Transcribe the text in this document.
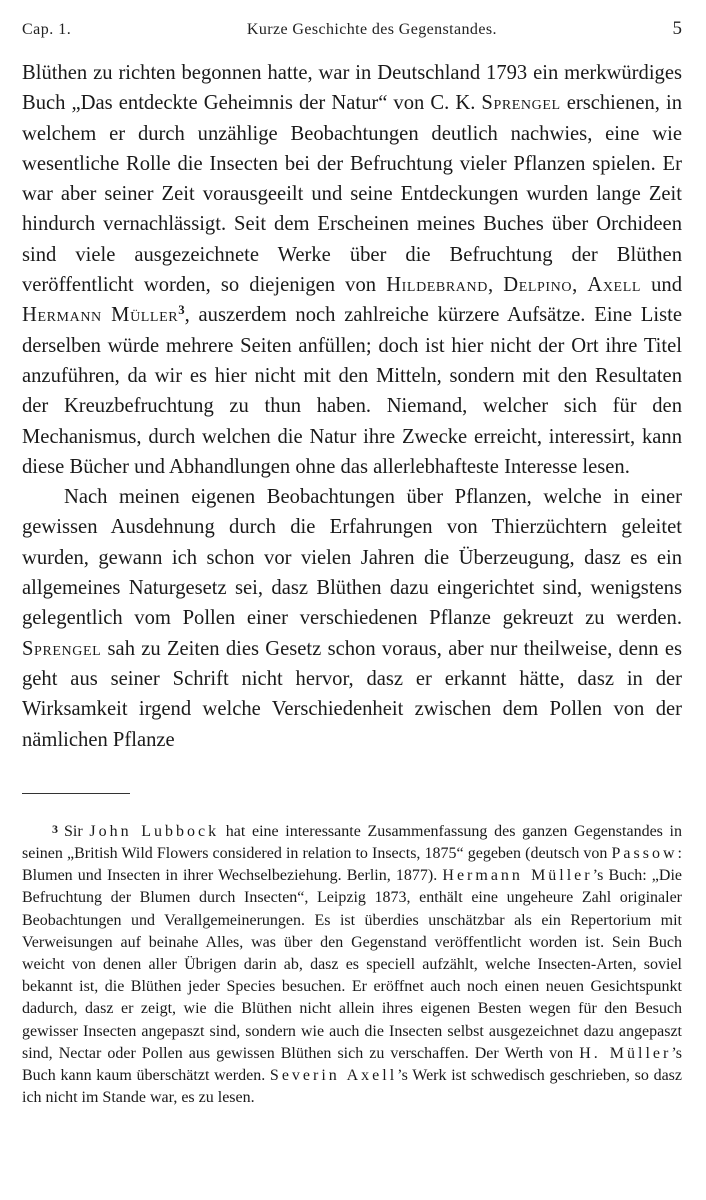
Cap. 1.	Kurze Geschichte des Gegenstandes.	5

Blüthen zu richten begonnen hatte, war in Deutschland 1793 ein merkwürdiges Buch „Das entdeckte Geheimnis der Natur“ von C. K. Sprengel erschienen, in welchem er durch unzählige Beobachtungen deutlich nachwies, eine wie wesentliche Rolle die Insecten bei der Befruchtung vieler Pflanzen spielen. Er war aber seiner Zeit vorausgeeilt und seine Entdeckungen wurden lange Zeit hindurch vernachlässigt. Seit dem Erscheinen meines Buches über Orchideen sind viele ausgezeichnete Werke über die Befruchtung der Blüthen veröffentlicht worden, so diejenigen von Hildebrand, Delpino, Axell und Hermann Müller$^3$, auszerdem noch zahlreiche kürzere Aufsätze. Eine Liste derselben würde mehrere Seiten anfüllen; doch ist hier nicht der Ort ihre Titel anzuführen, da wir es hier nicht mit den Mitteln, sondern mit den Resultaten der Kreuzbefruchtung zu thun haben. Niemand, welcher sich für den Mechanismus, durch welchen die Natur ihre Zwecke erreicht, interessirt, kann diese Bücher und Abhandlungen ohne das allerlebhafteste Interesse lesen.

Nach meinen eigenen Beobachtungen über Pflanzen, welche in einer gewissen Ausdehnung durch die Erfahrungen von Thierzüchtern geleitet wurden, gewann ich schon vor vielen Jahren die Überzeugung, dasz es ein allgemeines Naturgesetz sei, dasz Blüthen dazu eingerichtet sind, wenigstens gelegentlich vom Pollen einer verschiedenen Pflanze gekreuzt zu werden. Sprengel sah zu Zeiten dies Gesetz schon voraus, aber nur theilweise, denn es geht aus seiner Schrift nicht hervor, dasz er erkannt hätte, dasz in der Wirksamkeit irgend welche Verschiedenheit zwischen dem Pollen von der nämlichen Pflanze

3 Sir John Lubbock hat eine interessante Zusammenfassung des ganzen Gegenstandes in seinen „British Wild Flowers considered in relation to Insects, 1875“ gegeben (deutsch von Passow: Blumen und Insecten in ihrer Wechselbeziehung. Berlin, 1877). Hermann Müller’s Buch: „Die Befruchtung der Blumen durch Insecten“, Leipzig 1873, enthält eine ungeheure Zahl originaler Beobachtungen und Verallgemeinerungen. Es ist überdies unschätzbar als ein Repertorium mit Verweisungen auf beinahe Alles, was über den Gegenstand veröffentlicht worden ist. Sein Buch weicht von denen aller Übrigen darin ab, dasz es speciell aufzählt, welche Insecten-Arten, soviel bekannt ist, die Blüthen jeder Species besuchen. Er eröffnet auch noch einen neuen Gesichtspunkt dadurch, dasz er zeigt, wie die Blüthen nicht allein ihres eigenen Besten wegen für den Besuch gewisser Insecten angepaszt sind, sondern wie auch die Insecten selbst ausgezeichnet dazu angepaszt sind, Nectar oder Pollen aus gewissen Blüthen sich zu verschaffen. Der Werth von H. Müller’s Buch kann kaum überschätzt werden. Severin Axell’s Werk ist schwedisch geschrieben, so dasz ich nicht im Stande war, es zu lesen.
